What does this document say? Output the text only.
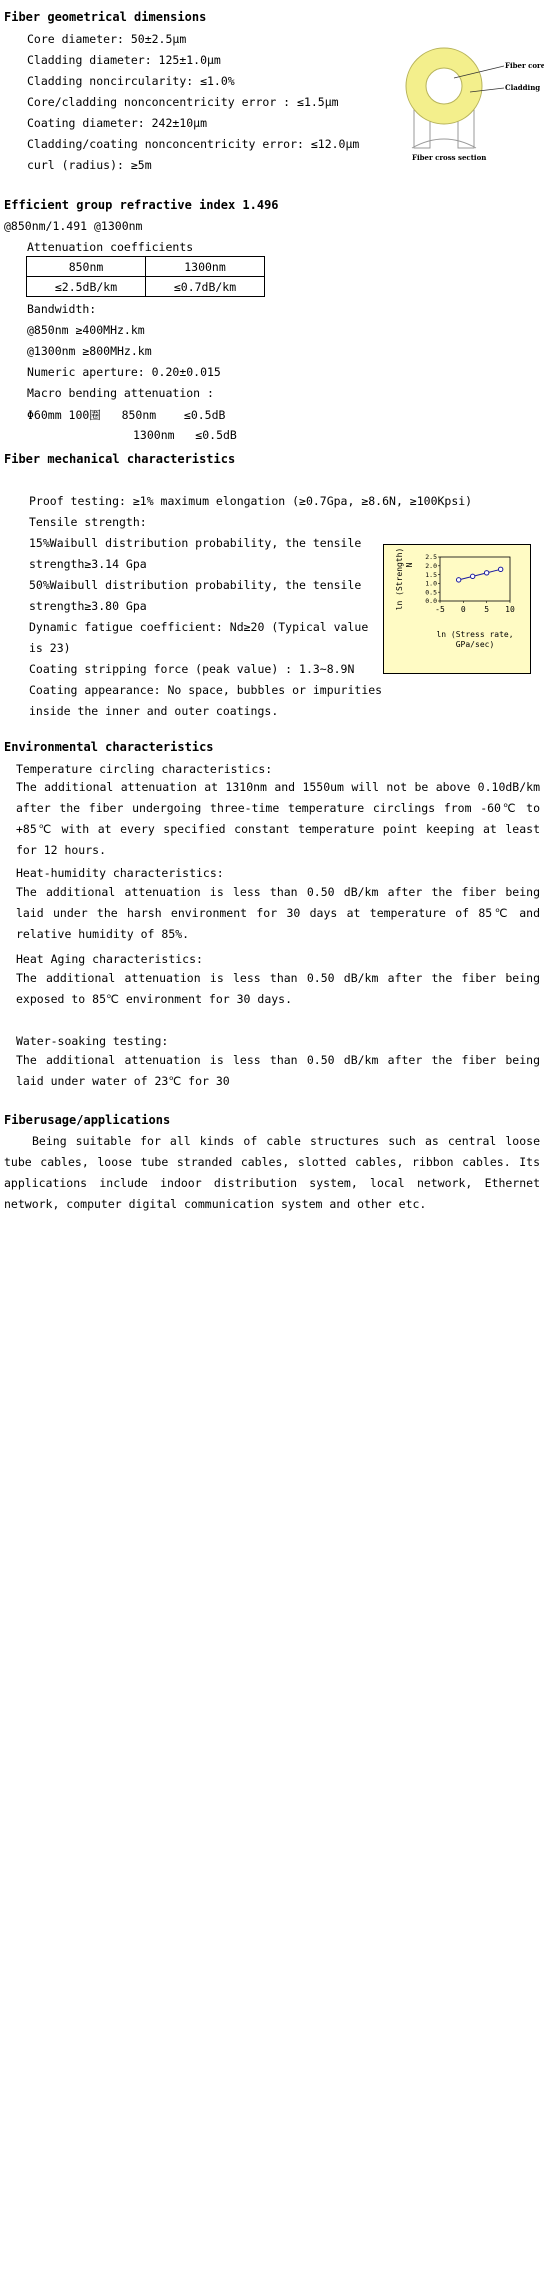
Fiber geometrical dimensions
Core diameter: 50±2.5μm
Cladding diameter: 125±1.0μm
Cladding noncircularity: ≤1.0%
Core/cladding nonconcentricity error : ≤1.5μm
Coating diameter: 242±10μm
Cladding/coating nonconcentricity error: ≤12.0μm
curl (radius): ≥5m
Fiber core
Cladding
Fiber cross section
Efficient group refractive index 1.496
@850nm/1.491 @1300nm
Attenuation coefficients
850nm	1300nm
≤2.5dB/km	≤0.7dB/km
Bandwidth:
@850nm ≥400MHz.km
@1300nm ≥800MHz.km
Numeric aperture: 0.20±0.015
Macro bending attenuation :
Φ60mm 100圈   850nm    ≤0.5dB
1300nm   ≤0.5dB
Fiber mechanical characteristics
Proof testing: ≥1% maximum elongation (≥0.7Gpa, ≥8.6N, ≥100Kpsi)
Tensile strength:
15%Waibull distribution probability, the tensile
strength≥3.14 Gpa
50%Waibull distribution probability, the tensile
strength≥3.80 Gpa
Dynamic fatigue coefficient: Nd≥20 (Typical value
is 23)
Coating stripping force (peak value) : 1.3~8.9N
Coating appearance: No space, bubbles or impurities
inside the inner and outer coatings.
0.0
0.5
1.0
1.5
2.0
2.5
-5 0 5 10
ln (Stress rate,
GPa/sec)
ln (Strength) N
Environmental characteristics
Temperature circling characteristics:
The additional attenuation at 1310nm and 1550um will not be above 0.10dB/km after the fiber undergoing three-time temperature circlings from -60℃ to +85℃ with at every specified constant temperature point keeping at least for 12 hours.
Heat-humidity characteristics:
The additional attenuation is less than 0.50 dB/km after the fiber being laid under the harsh environment for 30 days at temperature of 85℃ and relative humidity of 85%.
Heat Aging characteristics:
The additional attenuation is less than 0.50 dB/km after the fiber being exposed to 85℃ environment for 30 days.
Water-soaking testing:
The additional attenuation is less than 0.50 dB/km after the fiber being laid under water of 23℃ for 30
Fiberusage/applications
Being suitable for all kinds of cable structures such as central loose tube cables, loose tube stranded cables, slotted cables, ribbon cables. Its applications include indoor distribution system, local network, Ethernet network, computer digital communication system and other etc.
